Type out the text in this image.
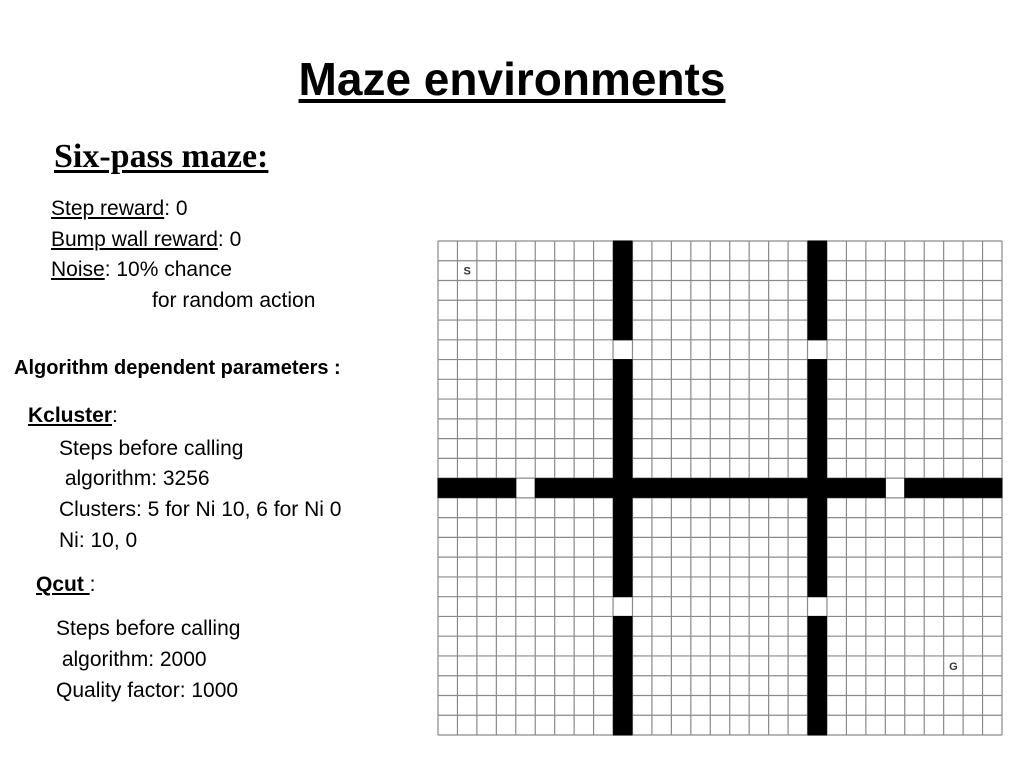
Maze environments
Six-pass maze:
Step reward: 0
Bump wall reward: 0
Noise: 10% chance
for random action
Algorithm dependent parameters :
Kcluster:
Steps before calling
algorithm: 3256
Clusters: 5 for Ni 10, 6 for Ni 0
Ni: 10, 0
Qcut :
Steps before calling
algorithm: 2000
Quality factor: 1000
S
G
